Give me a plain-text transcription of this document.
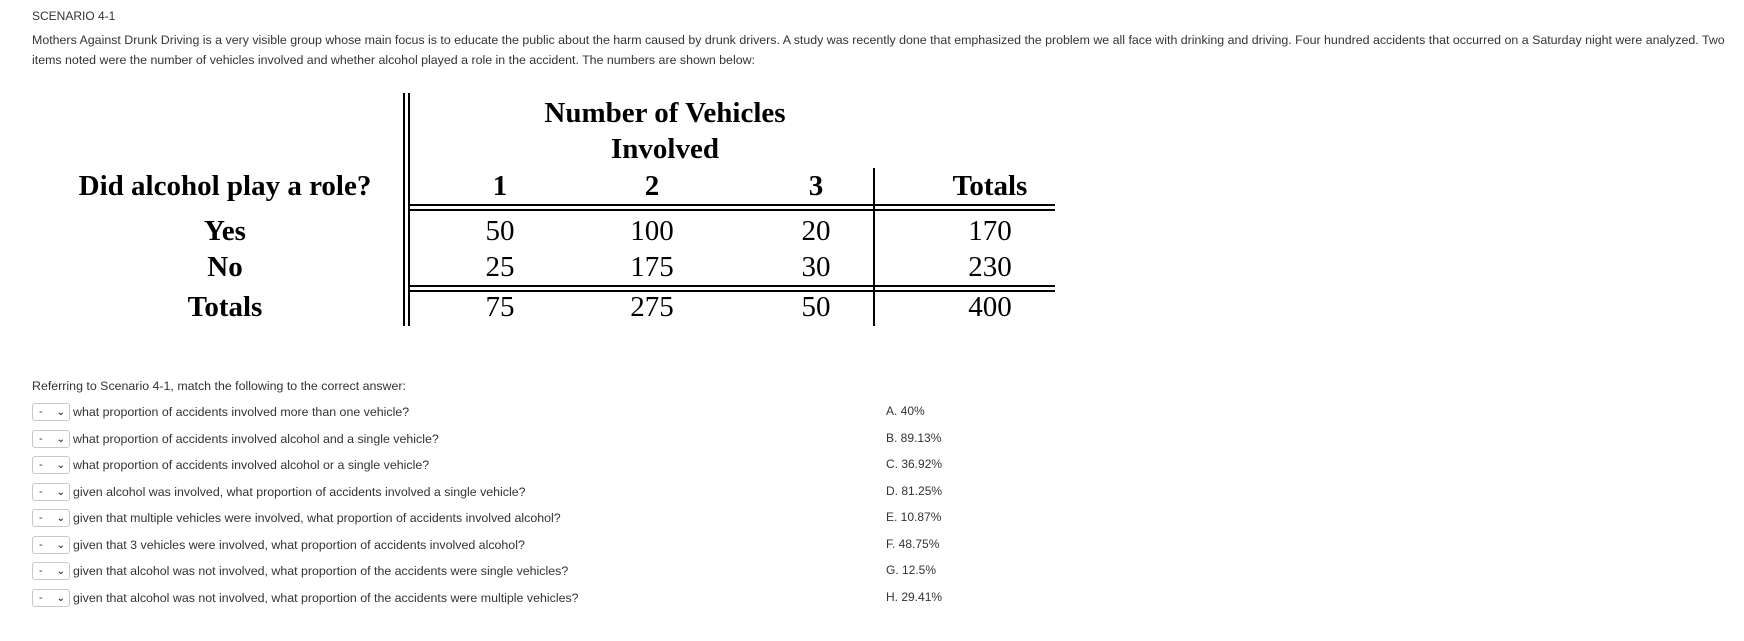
SCENARIO 4-1
Mothers Against Drunk Driving is a very visible group whose main focus is to educate the public about the harm caused by drunk drivers. A study was recently done that emphasized the problem we all face with drinking and driving. Four hundred accidents that occurred on a Saturday night were analyzed. Two items noted were the number of vehicles involved and whether alcohol played a role in the accident. The numbers are shown below:
Number of Vehicles
Involved
Did alcohol play a role?	1	2	3	Totals
Yes	50	100	20	170
No	25	175	30	230
Totals	75	275	50	400
Referring to Scenario 4-1, match the following to the correct answer:
- ⌄ what proportion of accidents involved more than one vehicle?
- ⌄ what proportion of accidents involved alcohol and a single vehicle?
- ⌄ what proportion of accidents involved alcohol or a single vehicle?
- ⌄ given alcohol was involved, what proportion of accidents involved a single vehicle?
- ⌄ given that multiple vehicles were involved, what proportion of accidents involved alcohol?
- ⌄ given that 3 vehicles were involved, what proportion of accidents involved alcohol?
- ⌄ given that alcohol was not involved, what proportion of the accidents were single vehicles?
- ⌄ given that alcohol was not involved, what proportion of the accidents were multiple vehicles?
A. 40%
B. 89.13%
C. 36.92%
D. 81.25%
E. 10.87%
F. 48.75%
G. 12.5%
H. 29.41%
